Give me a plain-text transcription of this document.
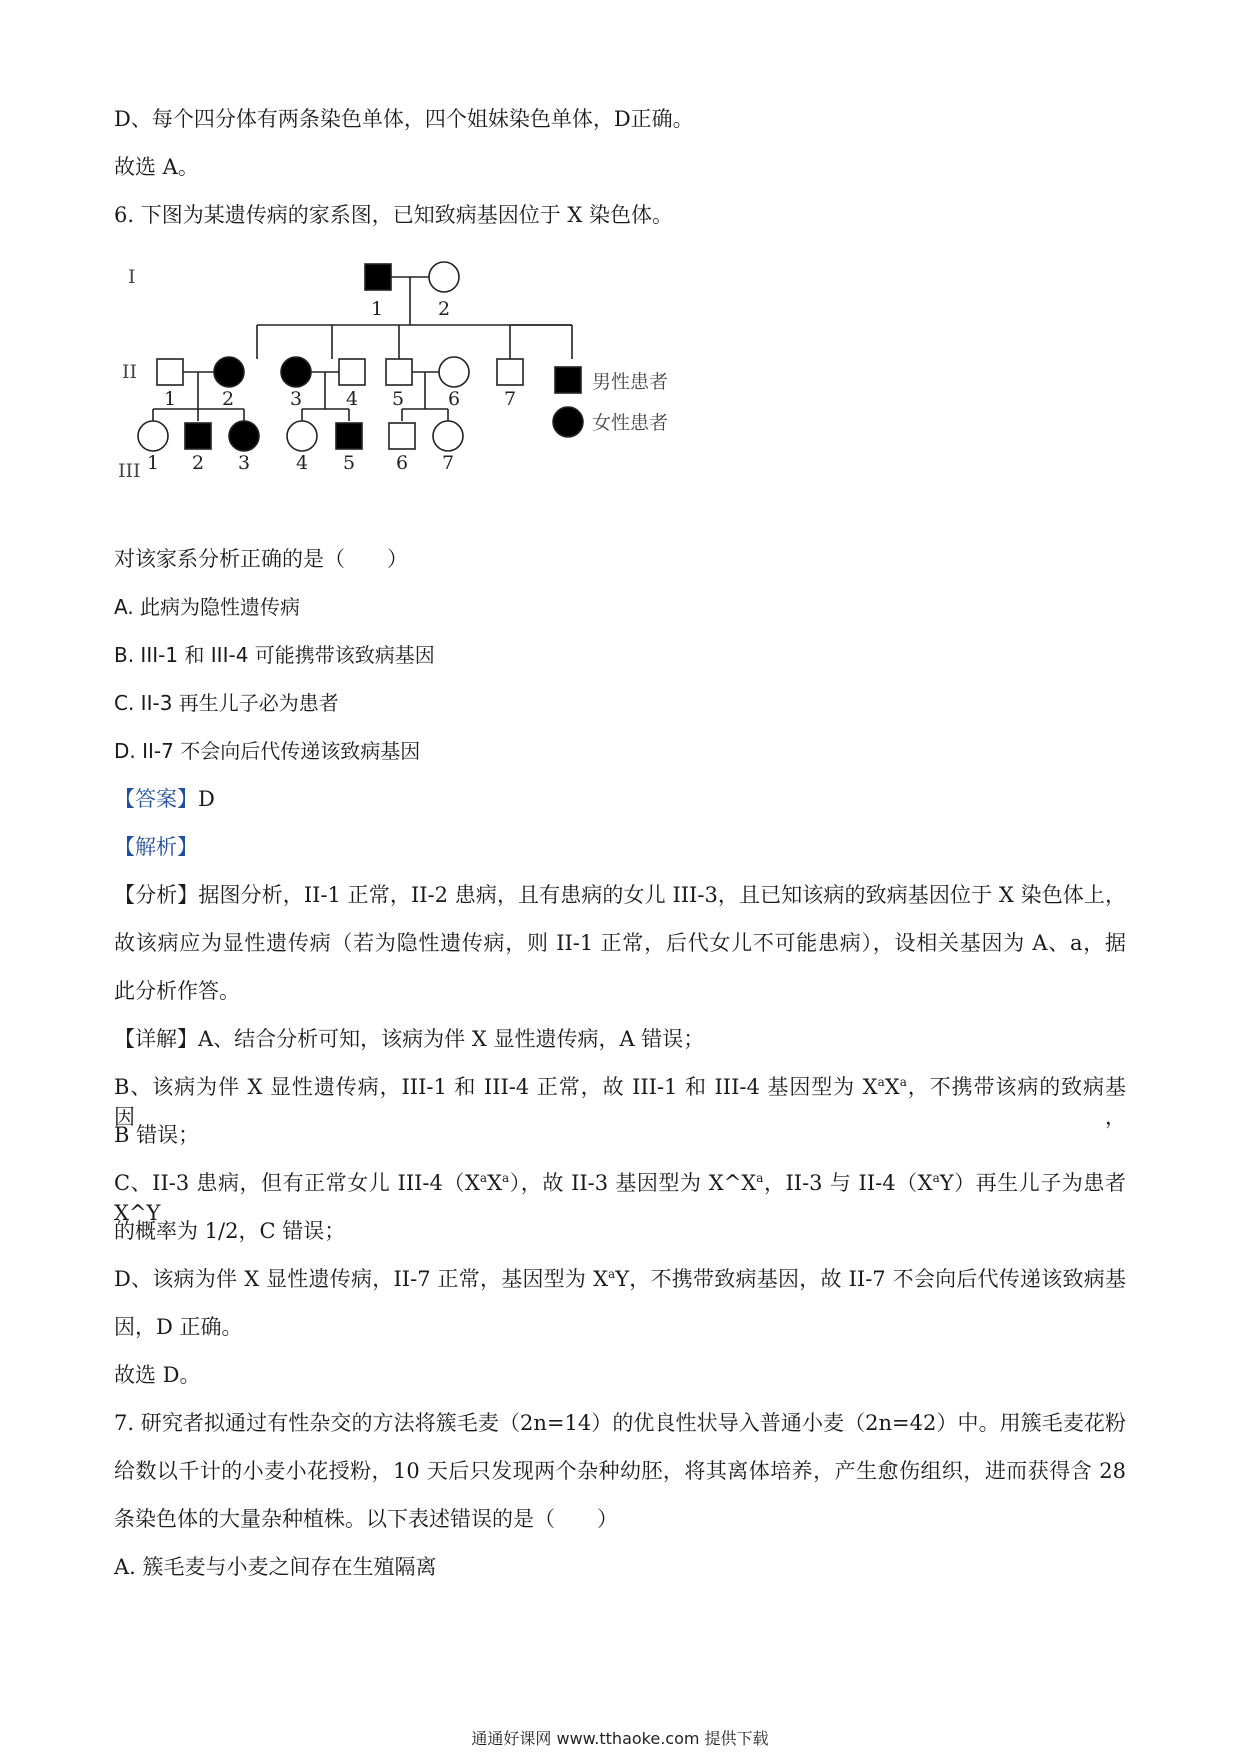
D、每个四分体有两条染色单体，四个姐妹染色单体，D正确。
故选 A。
6. 下图为某遗传病的家系图，已知致病基因位于 X 染色体。
I
II
III
1	2
1 2	3 4 5 6 7
1 2 3 4 5 6 7
男性患者
女性患者
对该家系分析正确的是（　　）
A. 此病为隐性遗传病
B. III-1 和 III-4 可能携带该致病基因
C. II-3 再生儿子必为患者
D. II-7 不会向后代传递该致病基因
【答案】D
【解析】
【分析】据图分析，II-1 正常，II-2 患病，且有患病的女儿 III-3，且已知该病的致病基因位于 X 染色体上，
故该病应为显性遗传病（若为隐性遗传病，则 II-1 正常，后代女儿不可能患病），设相关基因为 A、a，据
此分析作答。
【详解】A、结合分析可知，该病为伴 X 显性遗传病，A 错误；
B、该病为伴 X 显性遗传病，III-1 和 III-4 正常，故 III-1 和 III-4 基因型为 $X^aX^a$，不携带该病的致病基因，
B 错误；
C、II-3 患病，但有正常女儿 III-$4(X^aX^a)$，故 II-3 基因型为 $X\^{}X^a$，II-3 与 $II-4(X^aY)$再生儿子为患者 X^Y
的概率为 1/2，C 错误；
D、该病为伴 X 显性遗传病，II-7 正常，基因型为 $X^aY$，不携带致病基因，故 II-7 不会向后代传递该致病基
因，D 正确。
故选 D。
7. 研究者拟通过有性杂交的方法将簇毛麦（2n=14）的优良性状导入普通小麦（2n=42）中。用簇毛麦花粉
给数以千计的小麦小花授粉，10 天后只发现两个杂种幼胚，将其离体培养，产生愈伤组织，进而获得含 28
条染色体的大量杂种植株。以下表述错误的是（　　）
A. 簇毛麦与小麦之间存在生殖隔离
通通好课网 www.tthaoke.com 提供下载
